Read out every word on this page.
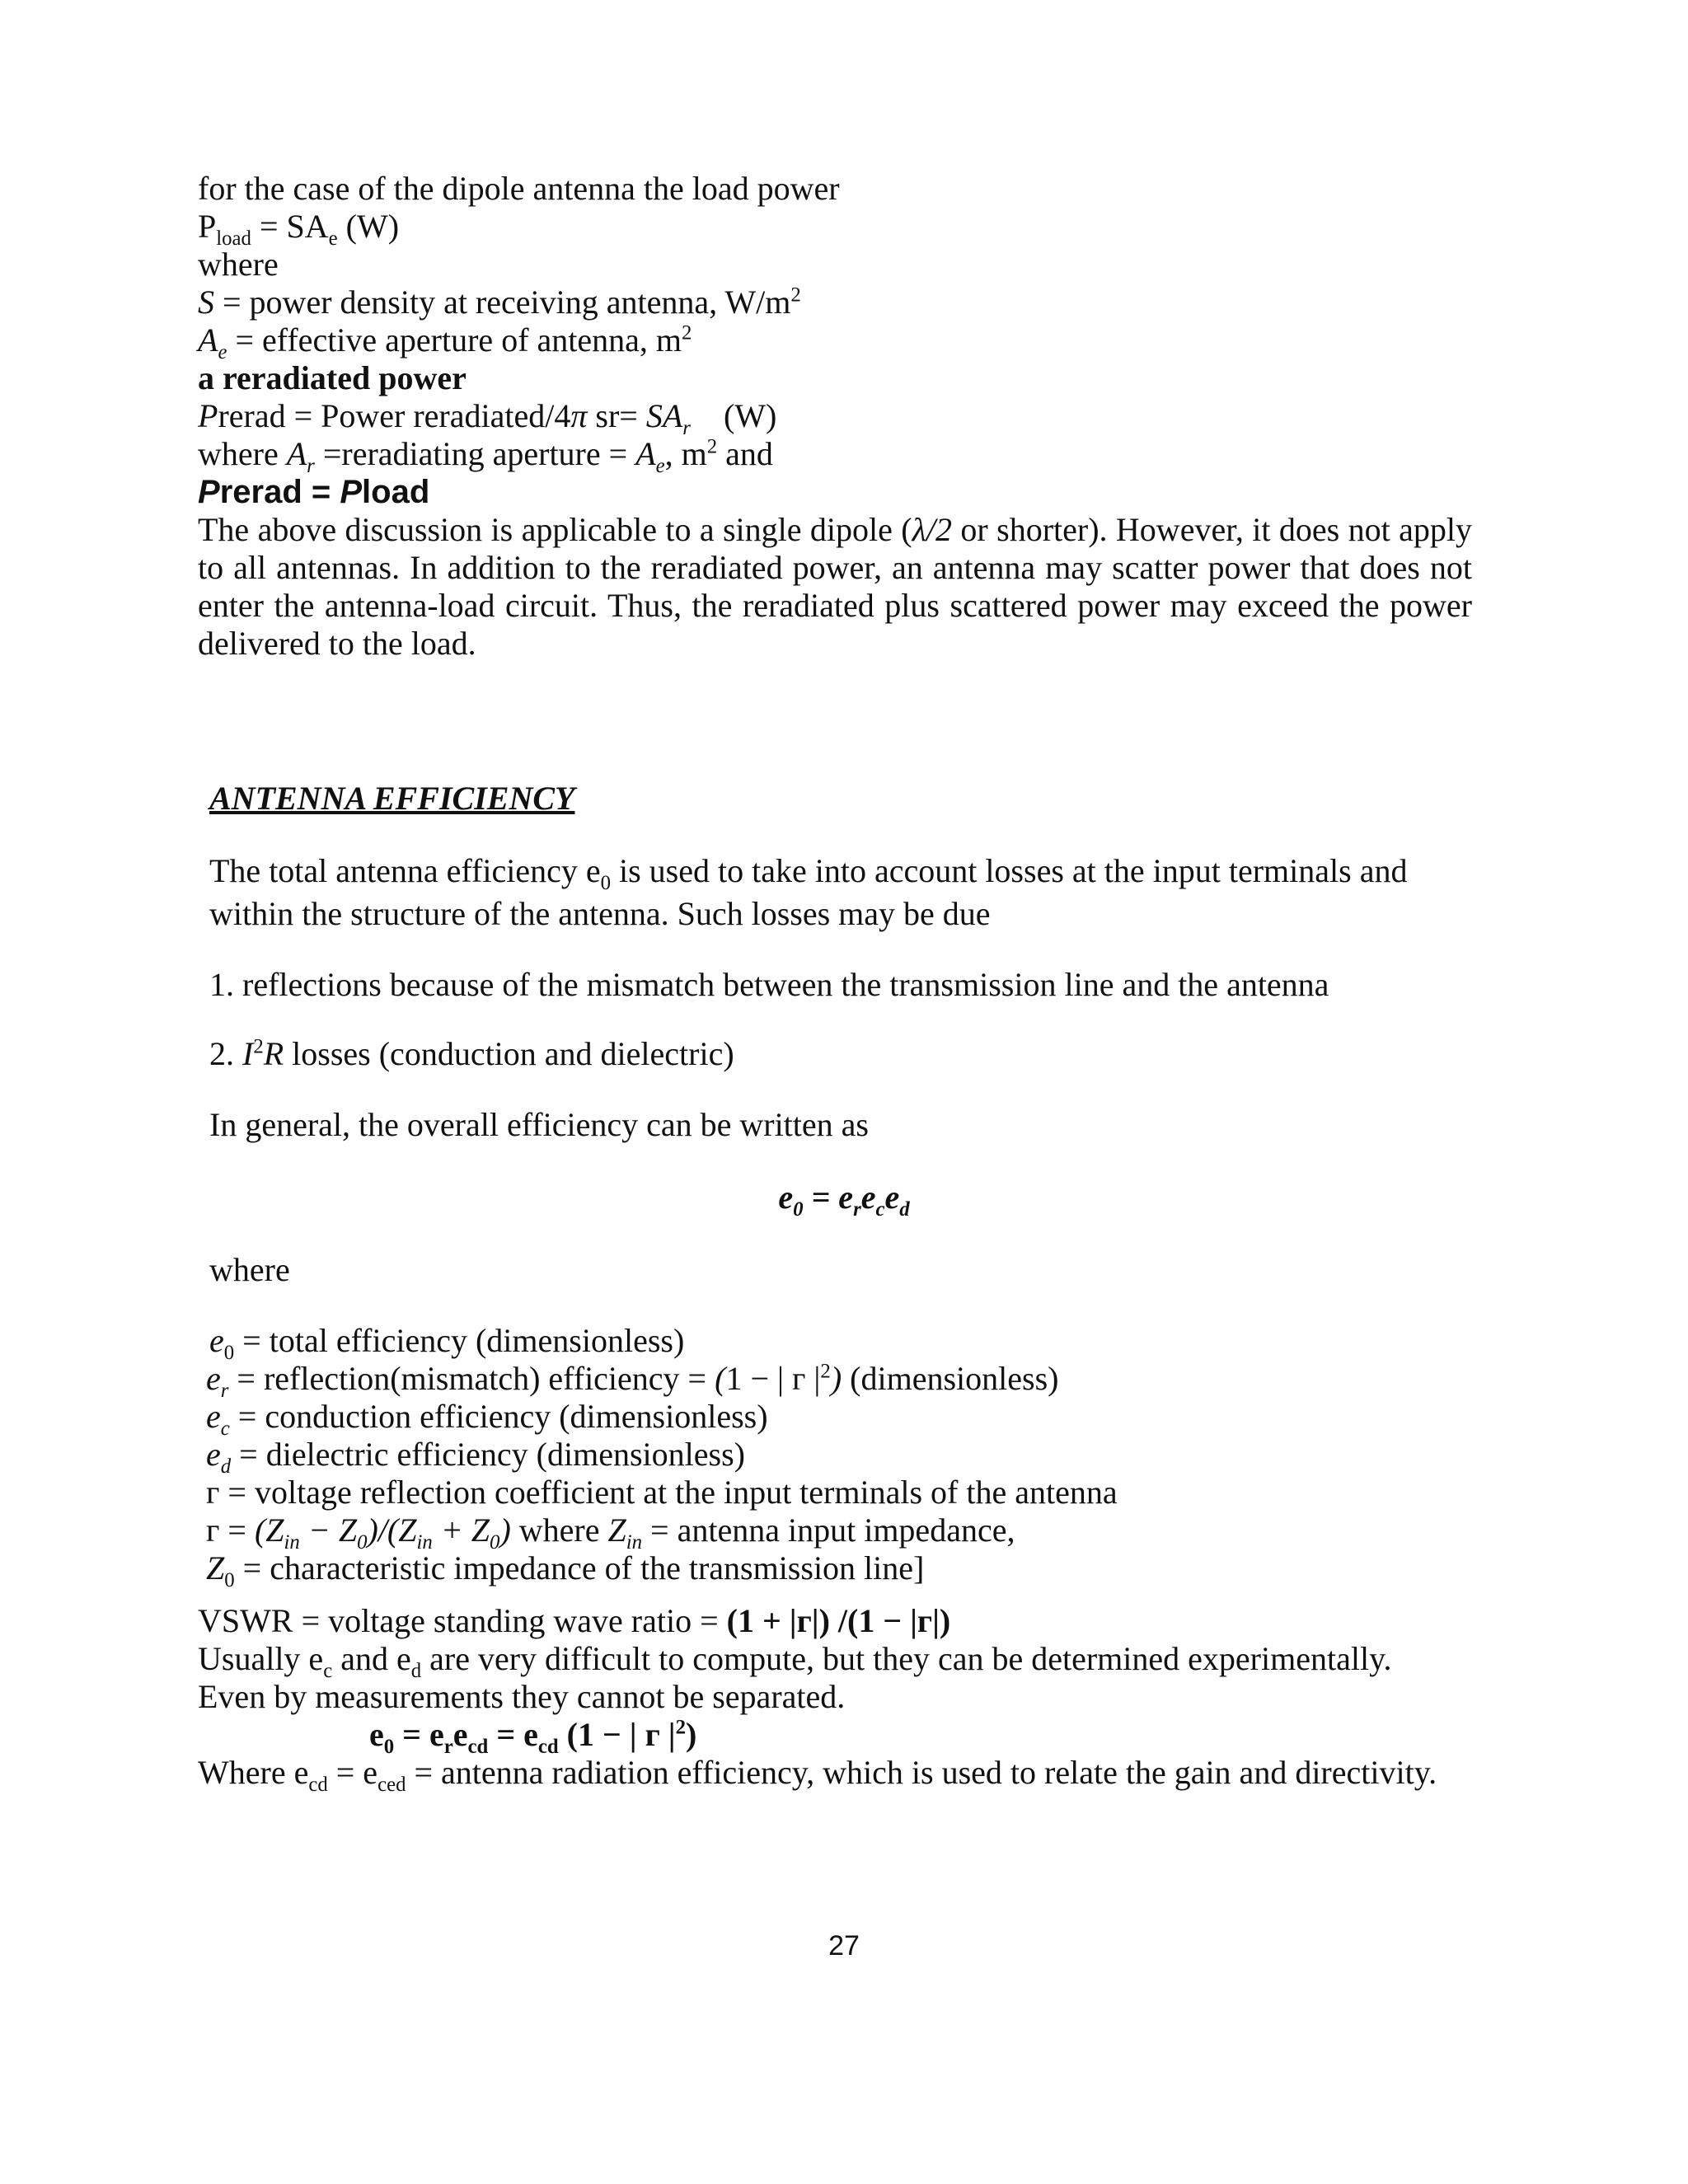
for the case of the dipole antenna the load power

$P_{load} = SA_e$ (W)

where

S = power density at receiving antenna, $W/m^2$

$A_e$ = effective aperture of antenna, $m^2$

a reradiated power

Prerad = Power reradiated/4π $sr= SA_r$    (W)

where $A_r$ =reradiating aperture = $A_e$, $m^2$ and

Prerad = Pload

The above discussion is applicable to a single dipole (λ/2 or shorter). However, it does not apply to all antennas. In addition to the reradiated power, an antenna may scatter power that does not enter the antenna-load circuit. Thus, the reradiated plus scattered power may exceed the power delivered to the load.

ANTENNA EFFICIENCY

The total antenna efficiency $e_0$ is used to take into account losses at the input terminals and

within the structure of the antenna. Such losses may be due

1. reflections because of the mismatch between the transmission line and the antenna

2. $I^2R$ losses (conduction and dielectric)

In general, the overall efficiency can be written as

$e_0 = e_re_ce_d$

where

$e_0$ = total efficiency (dimensionless)

$e_r$ = reflection(mismatch) efficiency = (1 − | г $|^2$) (dimensionless)

$e_c$ = conduction efficiency (dimensionless)

$e_d$ = dielectric efficiency (dimensionless)

г = voltage reflection coefficient at the input terminals of the antenna

$г = (Z_{in} - Z_0)/(Z_{in} + Z_0)$ where $Z_{in}$ = antenna input impedance,

$Z_0$ = characteristic impedance of the transmission line]

VSWR = voltage standing wave ratio = (1 + |г|) /(1 − |г|)

Usually $e_c$ and $e_d$ are very difficult to compute, but they can be determined experimentally.

Even by measurements they cannot be separated.

$e_0 = e_re_{cd} = e_{cd}$ (1 − | г $|^2$)

Where $e_{cd} = e_{ced}$ = antenna radiation efficiency, which is used to relate the gain and directivity.

27
